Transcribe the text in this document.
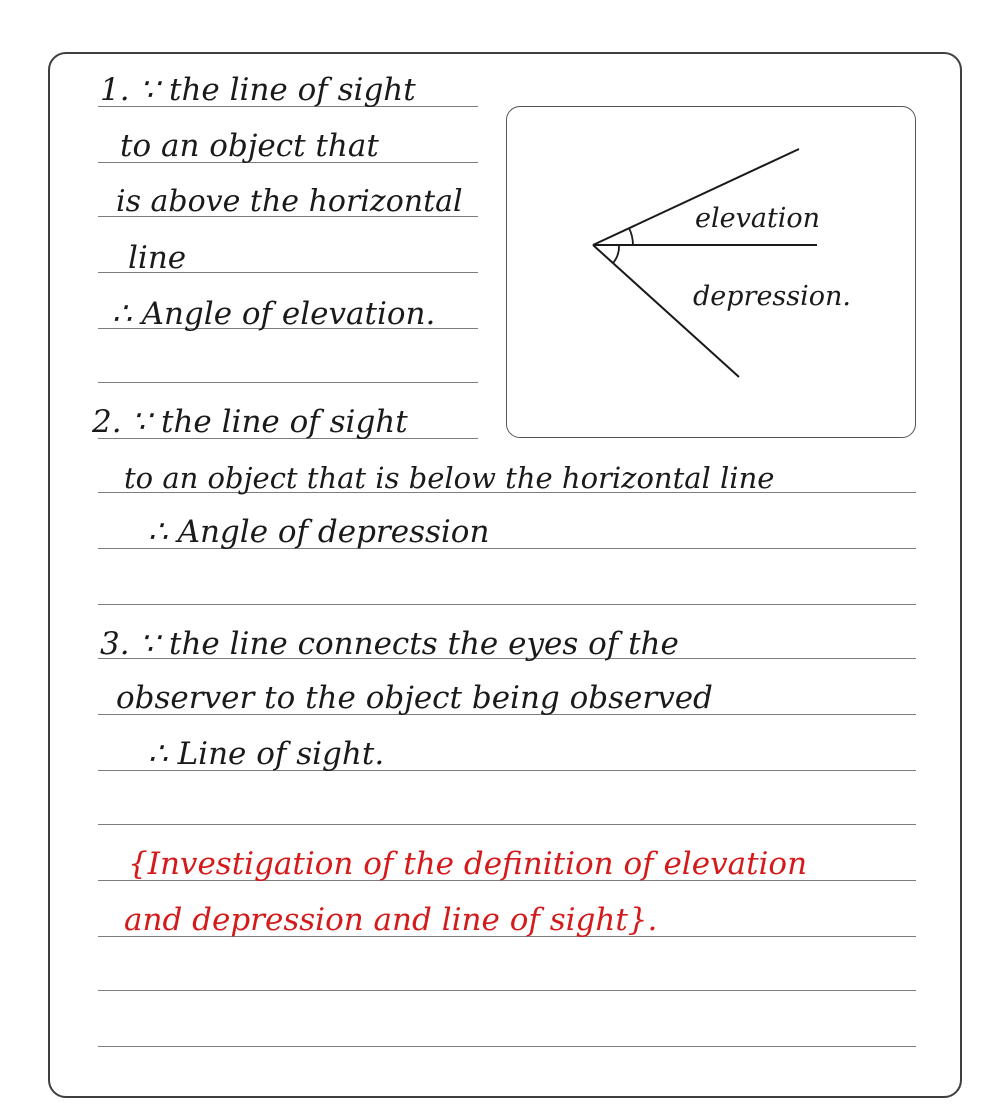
1. ∵ the line of sight
to an object that
is above the horizontal
line
∴ Angle of elevation.
2. ∵ the line of sight
to an object that is below the horizontal line
∴ Angle of depression
3. ∵ the line connects the eyes of the
observer to the object being observed
∴ Line of sight.
{Investigation of the definition of elevation
and depression and line of sight}.
elevation
depression.
